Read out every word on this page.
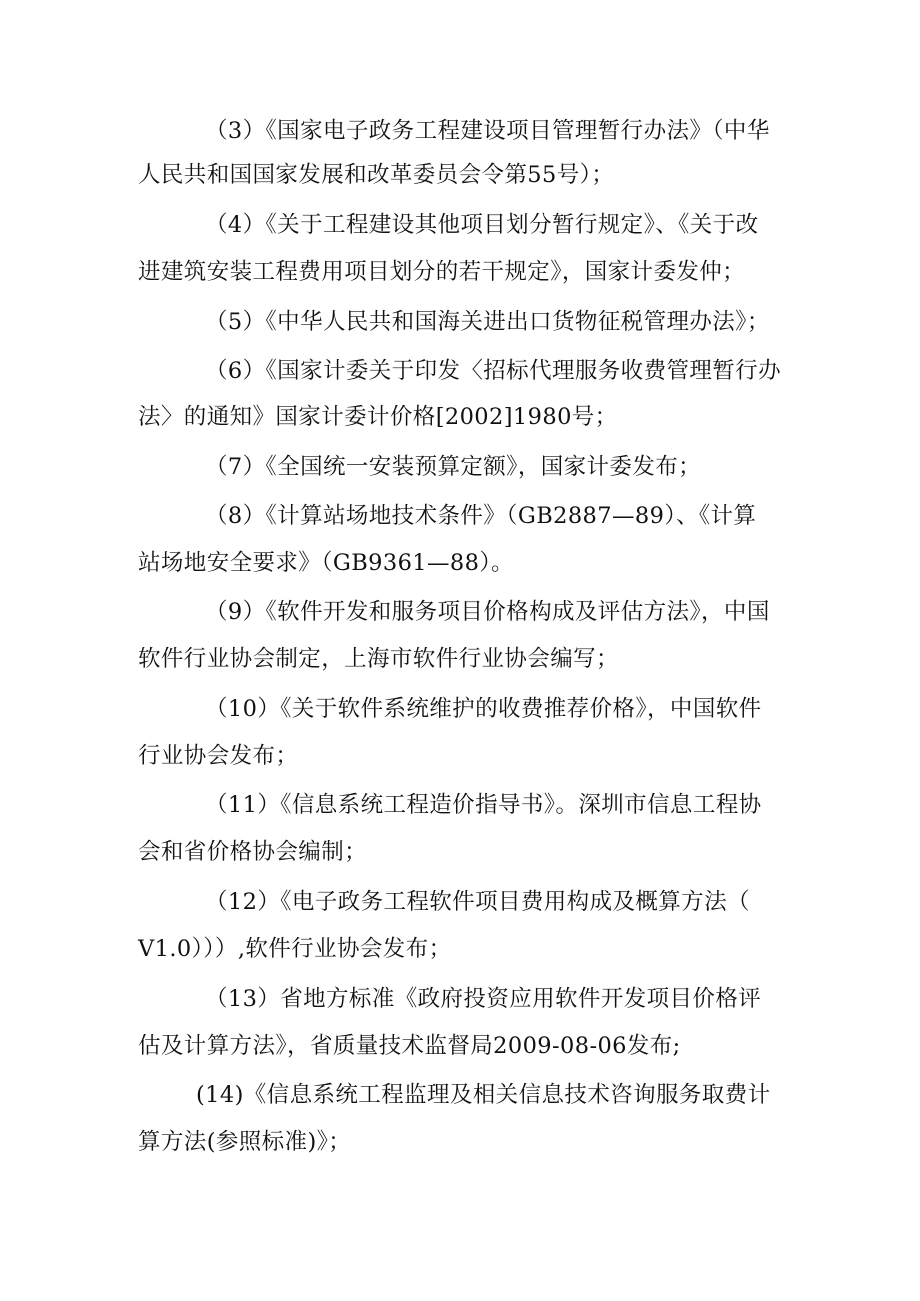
（3）《国家电子政务工程建设项目管理暂行办法》（中华
人民共和国国家发展和改革委员会令第55号）；
（4）《关于工程建设其他项目划分暂行规定》、《关于改
进建筑安装工程费用项目划分的若干规定》，国家计委发仲；
（5）《中华人民共和国海关进出口货物征税管理办法》；
（6）《国家计委关于印发〈招标代理服务收费管理暂行办
法〉的通知》国家计委计价格[2002]1980号；
（7）《全国统一安装预算定额》，国家计委发布；
（8）《计算站场地技术条件》（GB2887—89）、《计算
站场地安全要求》（GB9361—88）。
（9）《软件开发和服务项目价格构成及评估方法》，中国
软件行业协会制定，上海市软件行业协会编写；
（10）《关于软件系统维护的收费推荐价格》，中国软件
行业协会发布；
（11）《信息系统工程造价指导书》。深圳市信息工程协
会和省价格协会编制；
（12）《电子政务工程软件项目费用构成及概算方法（
V1.0）））,软件行业协会发布；
（13）省地方标准《政府投资应用软件开发项目价格评
估及计算方法》，省质量技术监督局2009-08-06发布;
(14)《信息系统工程监理及相关信息技术咨询服务取费计
算方法(参照标准)》；
